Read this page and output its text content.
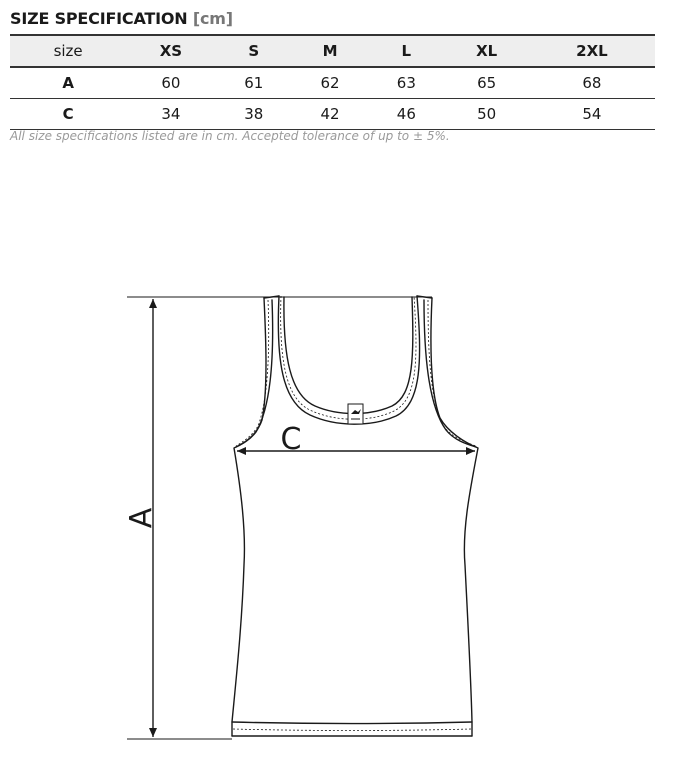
SIZE SPECIFICATION [cm]
size	XS	S	M	L	XL	2XL
A	60	61	62	63	65	68
C	34	38	42	46	50	54
All size specifications listed are in cm. Accepted tolerance of up to ± 5%.
A
C
